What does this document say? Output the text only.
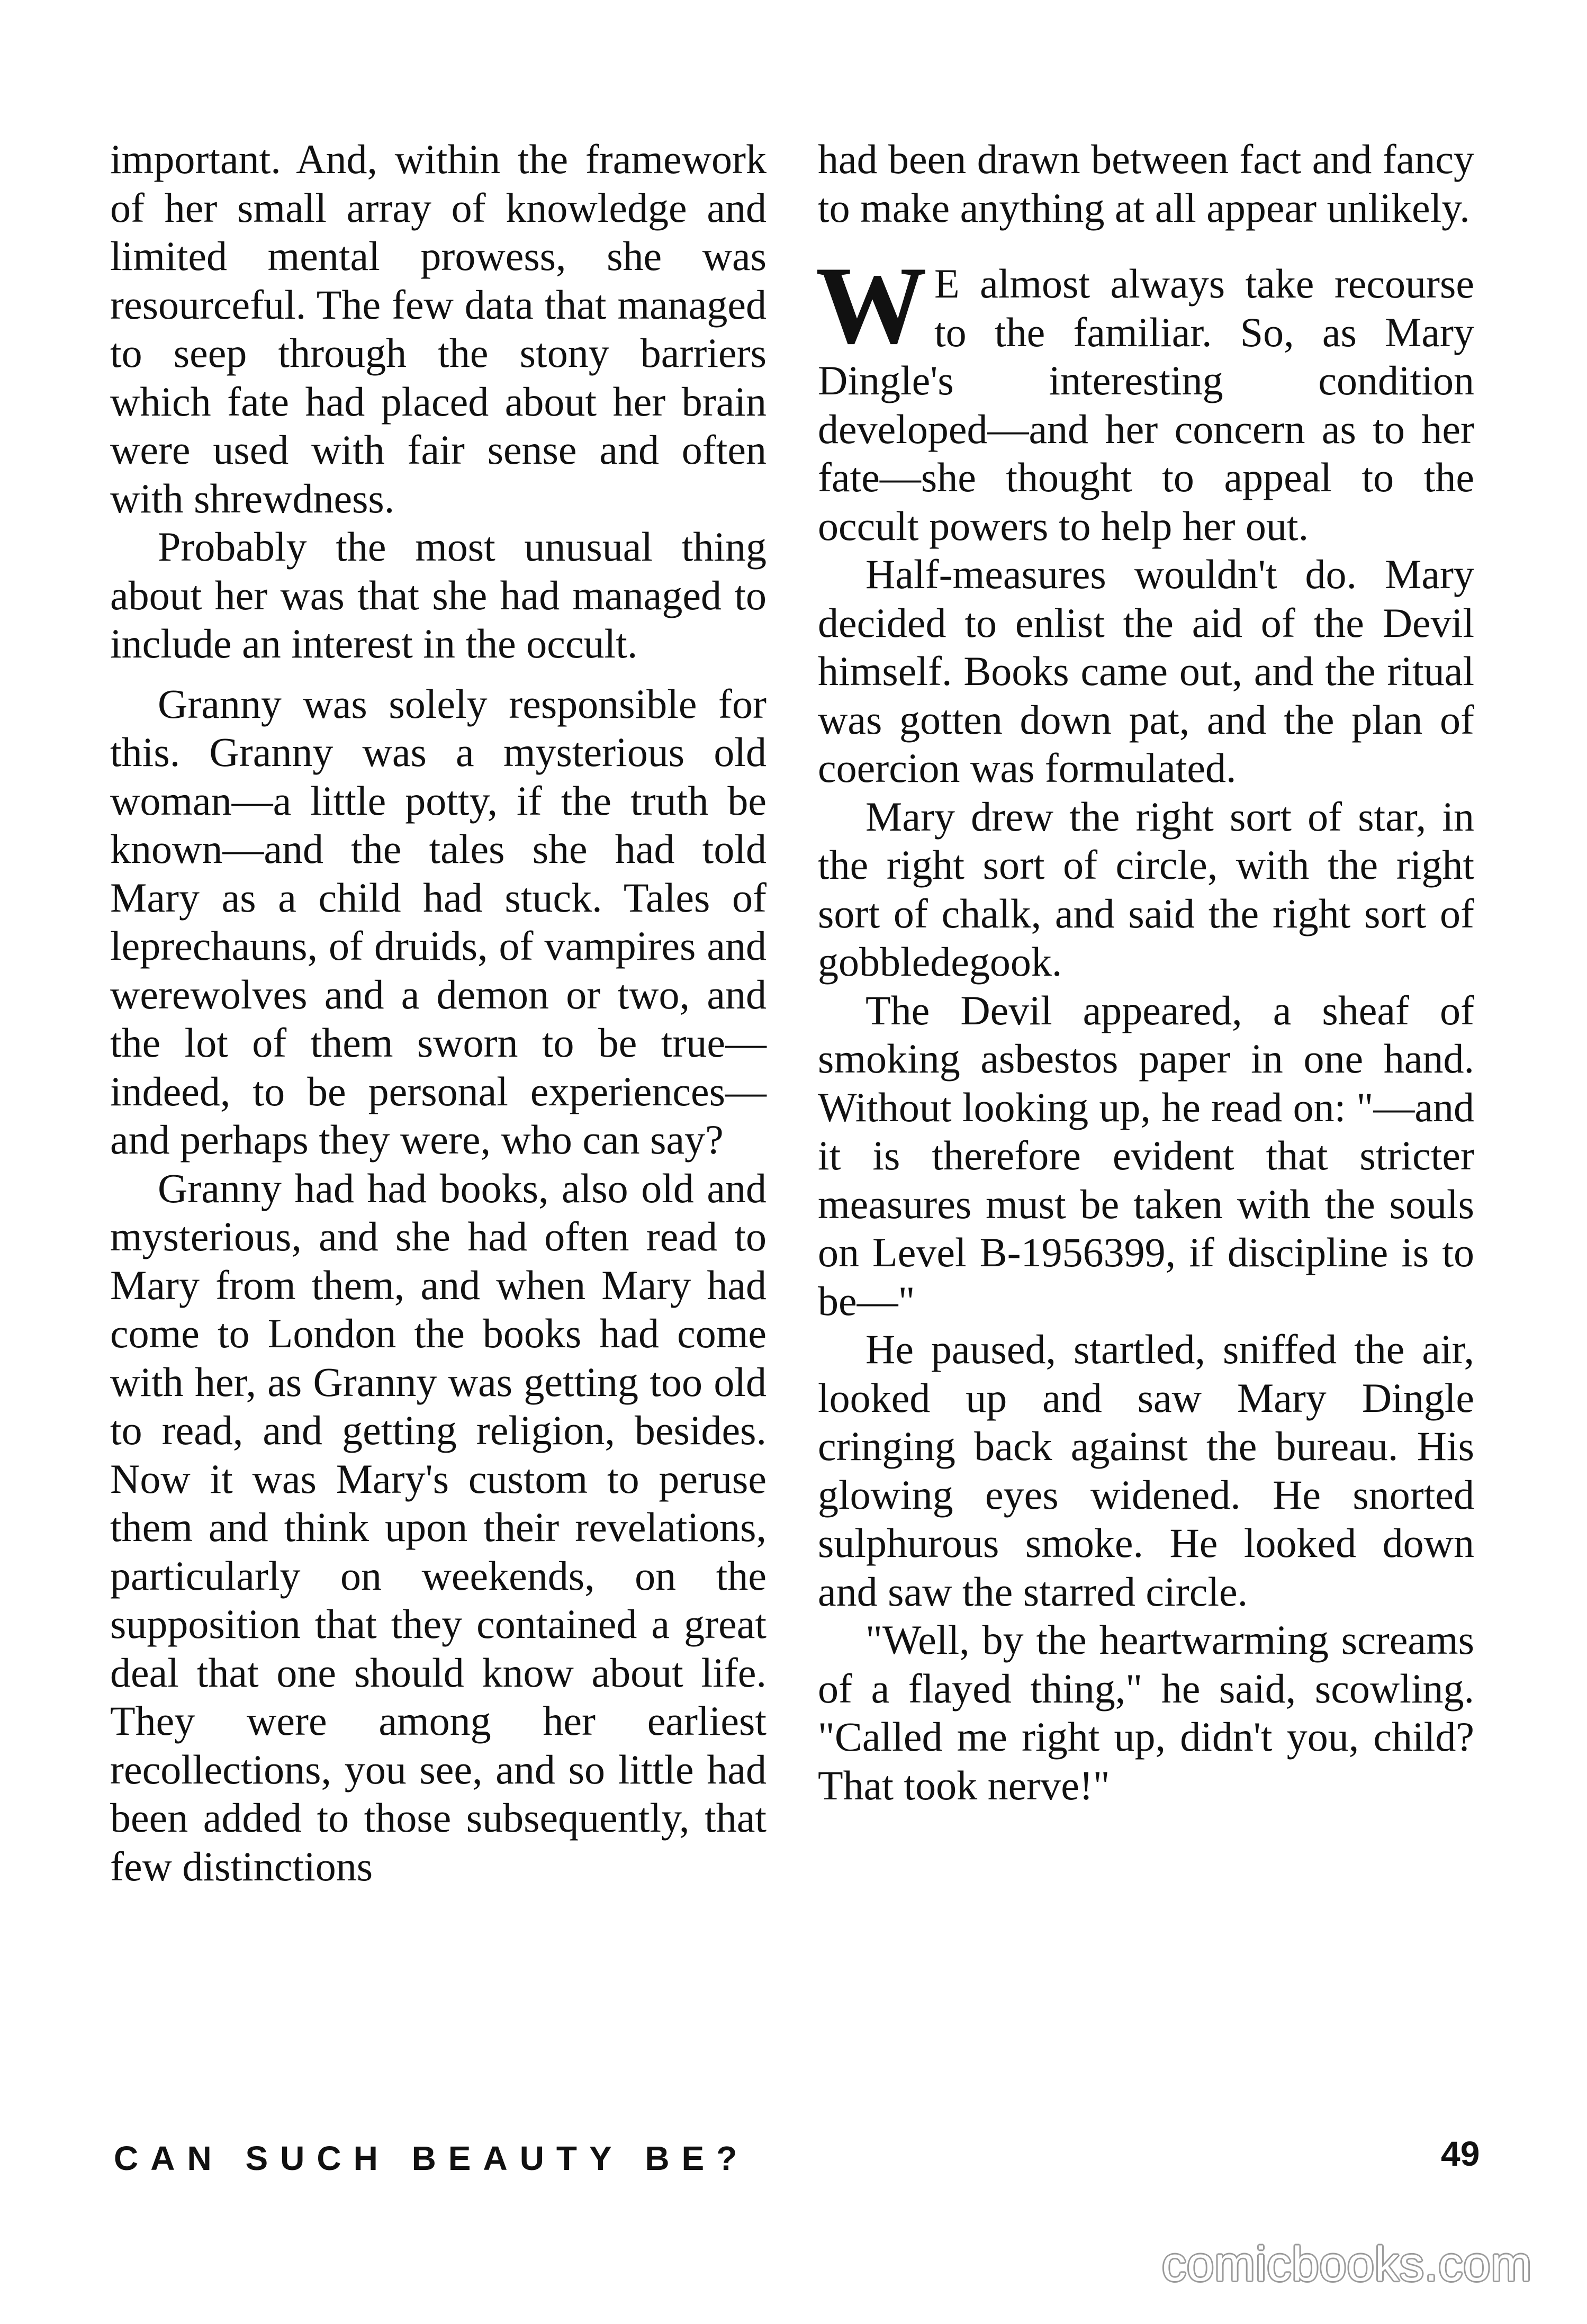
important. And, within the framework of her small array of knowledge and limited mental prowess, she was resourceful. The few data that managed to seep through the stony barriers which fate had placed about her brain were used with fair sense and often with shrewdness.

Probably the most unusual thing about her was that she had managed to include an interest in the occult.

Granny was solely responsible for this. Granny was a mysterious old woman—a little potty, if the truth be known—and the tales she had told Mary as a child had stuck. Tales of leprechauns, of druids, of vampires and werewolves and a demon or two, and the lot of them sworn to be true—indeed, to be personal experiences—and perhaps they were, who can say?

Granny had had books, also old and mysterious, and she had often read to Mary from them, and when Mary had come to London the books had come with her, as Granny was getting too old to read, and getting religion, besides. Now it was Mary's custom to peruse them and think upon their revelations, particularly on weekends, on the supposition that they contained a great deal that one should know about life. They were among her earliest recollections, you see, and so little had been added to those subsequently, that few distinctions

had been drawn between fact and fancy to make anything at all appear unlikely.

W E almost always take recourse to the familiar. So, as Mary Dingle's interesting condition developed—and her concern as to her fate—she thought to appeal to the occult powers to help her out.

Half-measures wouldn't do. Mary decided to enlist the aid of the Devil himself. Books came out, and the ritual was gotten down pat, and the plan of coercion was formulated.

Mary drew the right sort of star, in the right sort of circle, with the right sort of chalk, and said the right sort of gobbledegook.

The Devil appeared, a sheaf of smoking asbestos paper in one hand. Without looking up, he read on: "—and it is therefore evident that stricter measures must be taken with the souls on Level B-1956399, if discipline is to be—"

He paused, startled, sniffed the air, looked up and saw Mary Dingle cringing back against the bureau. His glowing eyes widened. He snorted sulphurous smoke. He looked down and saw the starred circle.

"Well, by the heartwarming screams of a flayed thing," he said, scowling. "Called me right up, didn't you, child? That took nerve!"

CAN SUCH BEAUTY BE?	49
comicbooks.com
